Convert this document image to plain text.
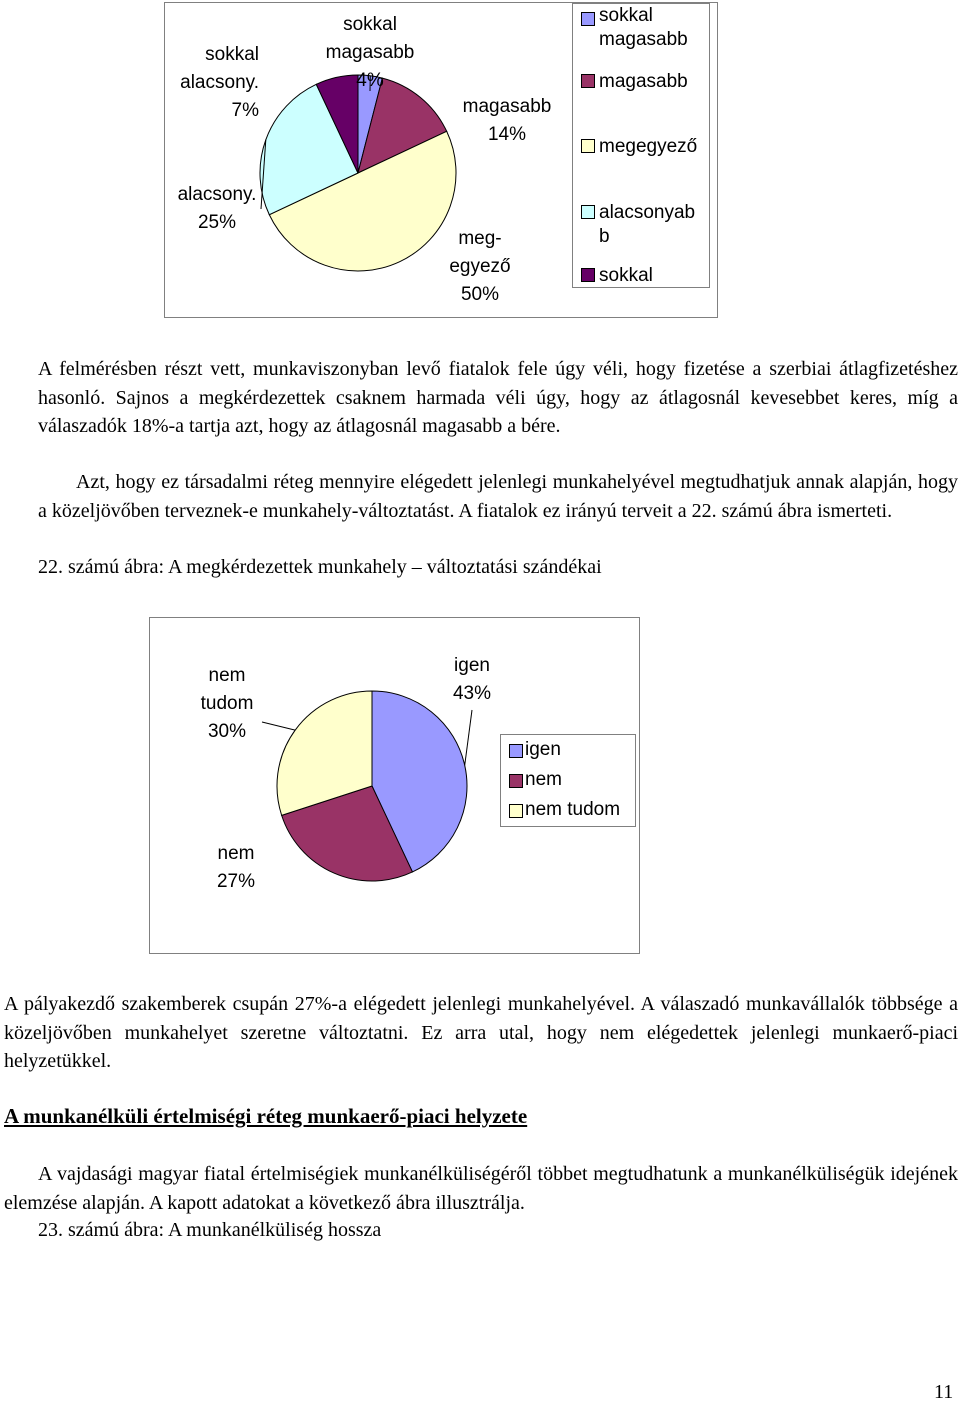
sokkal
magasabb
4%
magasabb
14%
meg-
egyező
50%
alacsony.
25%
sokkal
alacsony.
7%
sokkal
magasabb
magasabb
megegyező
alacsonyab
b
sokkal
A felmérésben részt vett, munkaviszonyban levő fiatalok fele úgy véli, hogy fizetése a szerbiai átlagfizetéshez hasonló. Sajnos a megkérdezettek csaknem harmada véli úgy, hogy az átlagosnál kevesebbet keres, míg a válaszadók 18%-a tartja azt, hogy az átlagosnál magasabb a bére.
Azt, hogy ez társadalmi réteg mennyire elégedett jelenlegi munkahelyével megtudhatjuk annak alapján, hogy a közeljövőben terveznek-e munkahely-változtatást. A fiatalok ez irányú terveit a 22. számú ábra ismerteti.
22. számú ábra: A megkérdezettek munkahely – változtatási szándékai
igen
43%
nem
tudom
30%
nem
27%
igen
nem
nem tudom
A pályakezdő szakemberek csupán 27%-a elégedett jelenlegi munkahelyével. A válaszadó munkavállalók többsége a közeljövőben munkahelyet szeretne változtatni. Ez arra utal, hogy nem elégedettek jelenlegi munkaerő-piaci helyzetükkel.
A munkanélküli értelmiségi réteg munkaerő-piaci helyzete
A vajdasági magyar fiatal értelmiségiek munkanélküliségéről többet megtudhatunk a munkanélküliségük idejének elemzése alapján. A kapott adatokat a következő ábra illusztrálja.
23. számú ábra: A munkanélküliség hossza
11
